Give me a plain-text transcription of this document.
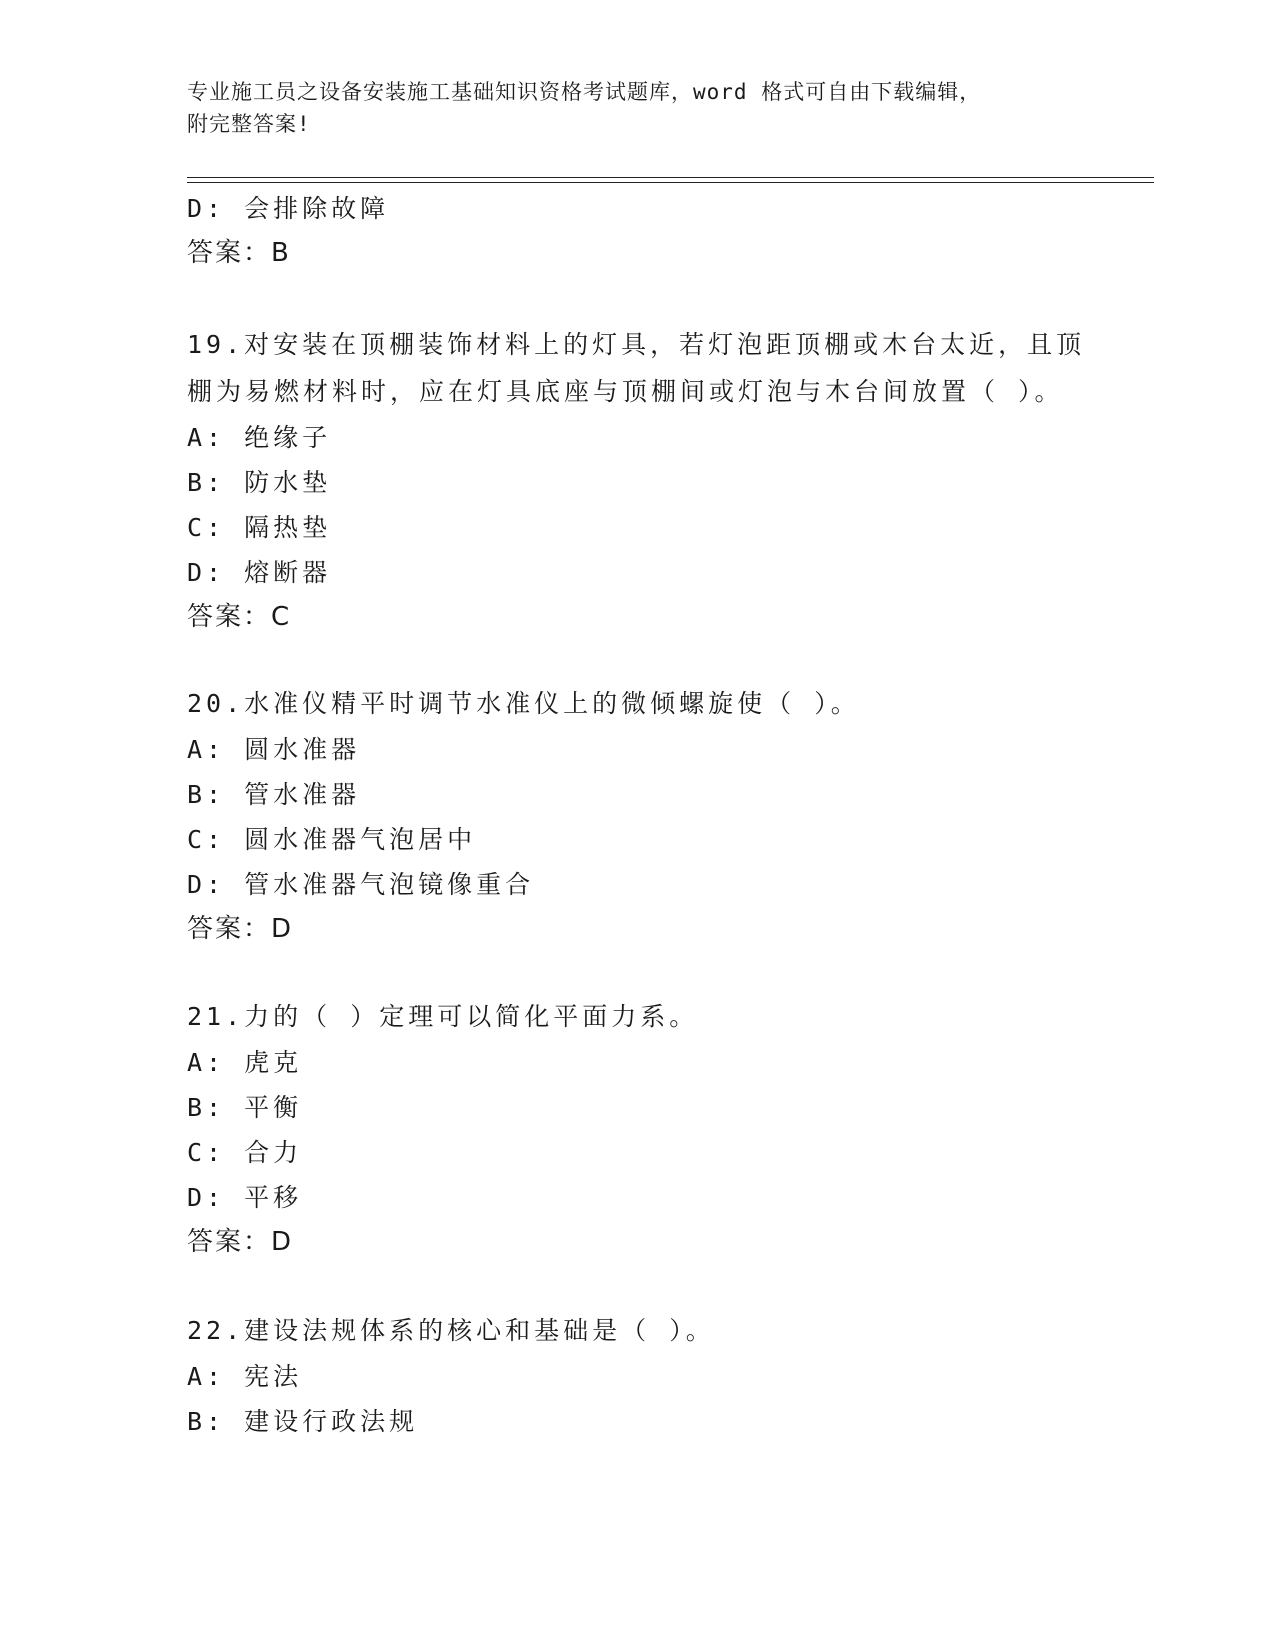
专业施工员之设备安装施工基础知识资格考试题库，word 格式可自由下载编辑，
附完整答案!
D: 会排除故障
答案：B
19.对安装在顶棚装饰材料上的灯具，若灯泡距顶棚或木台太近，且顶
棚为易燃材料时，应在灯具底座与顶棚间或灯泡与木台间放置（ ）。
A: 绝缘子
B: 防水垫
C: 隔热垫
D: 熔断器
答案：C
20.水准仪精平时调节水准仪上的微倾螺旋使（ ）。
A: 圆水准器
B: 管水准器
C: 圆水准器气泡居中
D: 管水准器气泡镜像重合
答案：D
21.力的（ ）定理可以简化平面力系。
A: 虎克
B: 平衡
C: 合力
D: 平移
答案：D
22.建设法规体系的核心和基础是（ ）。
A: 宪法
B: 建设行政法规
